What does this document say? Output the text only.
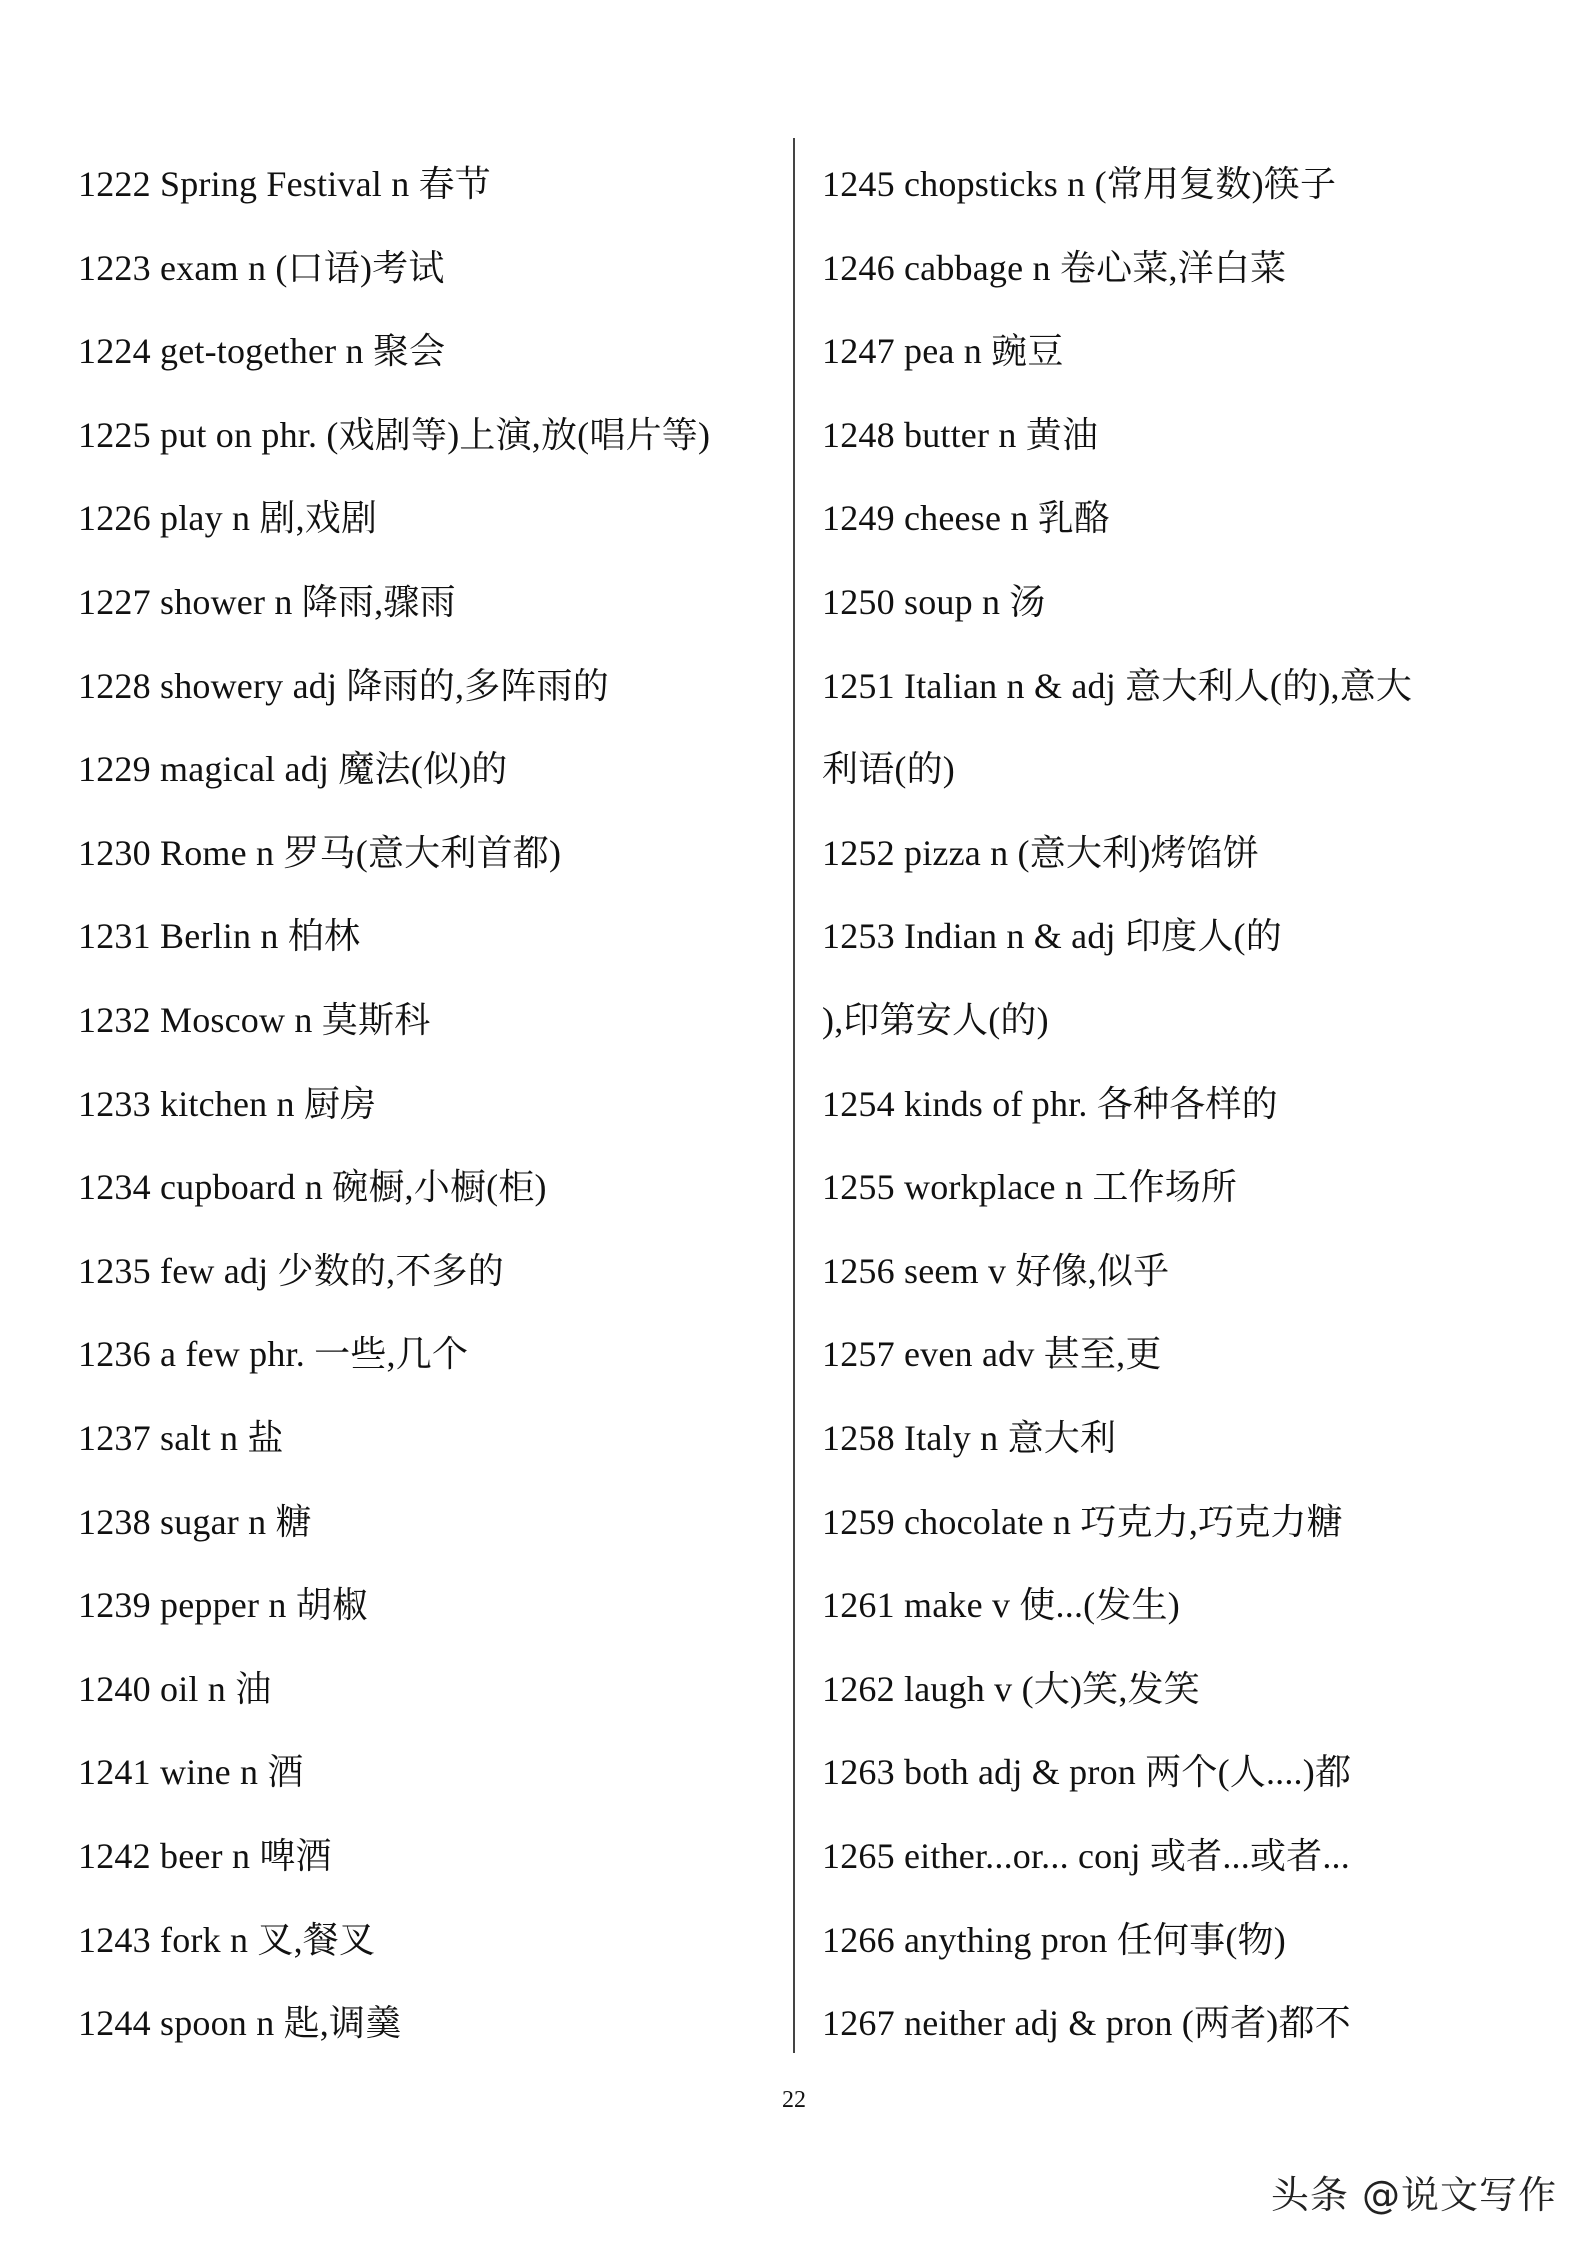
1222 Spring Festival n 春节
1223 exam n (口语)考试
1224 get-together n 聚会
1225 put on phr. (戏剧等)上演,放(唱片等)
1226 play n 剧,戏剧
1227 shower n 降雨,骤雨
1228 showery adj 降雨的,多阵雨的
1229 magical adj 魔法(似)的
1230 Rome n 罗马(意大利首都)
1231 Berlin n 柏林
1232 Moscow n 莫斯科
1233 kitchen n 厨房
1234 cupboard n 碗橱,小橱(柜)
1235 few adj 少数的,不多的
1236 a few phr. 一些,几个
1237 salt n 盐
1238 sugar n 糖
1239 pepper n 胡椒
1240 oil n 油
1241 wine n 酒
1242 beer n 啤酒
1243 fork n 叉,餐叉
1244 spoon n 匙,调羹
1245 chopsticks n (常用复数)筷子
1246 cabbage n 卷心菜,洋白菜
1247 pea n 豌豆
1248 butter n 黄油
1249 cheese n 乳酪
1250 soup n 汤
1251 Italian n & adj 意大利人(的),意大
利语(的)
1252 pizza n (意大利)烤馅饼
1253 Indian n & adj 印度人(的
),印第安人(的)
1254 kinds of phr. 各种各样的
1255 workplace n 工作场所
1256 seem v 好像,似乎
1257 even adv 甚至,更
1258 Italy n 意大利
1259 chocolate n 巧克力,巧克力糖
1261 make v 使...(发生)
1262 laugh v (大)笑,发笑
1263 both adj & pron 两个(人....)都
1265 either...or... conj 或者...或者...
1266 anything pron 任何事(物)
1267 neither adj & pron (两者)都不
22
头条 @说文写作
